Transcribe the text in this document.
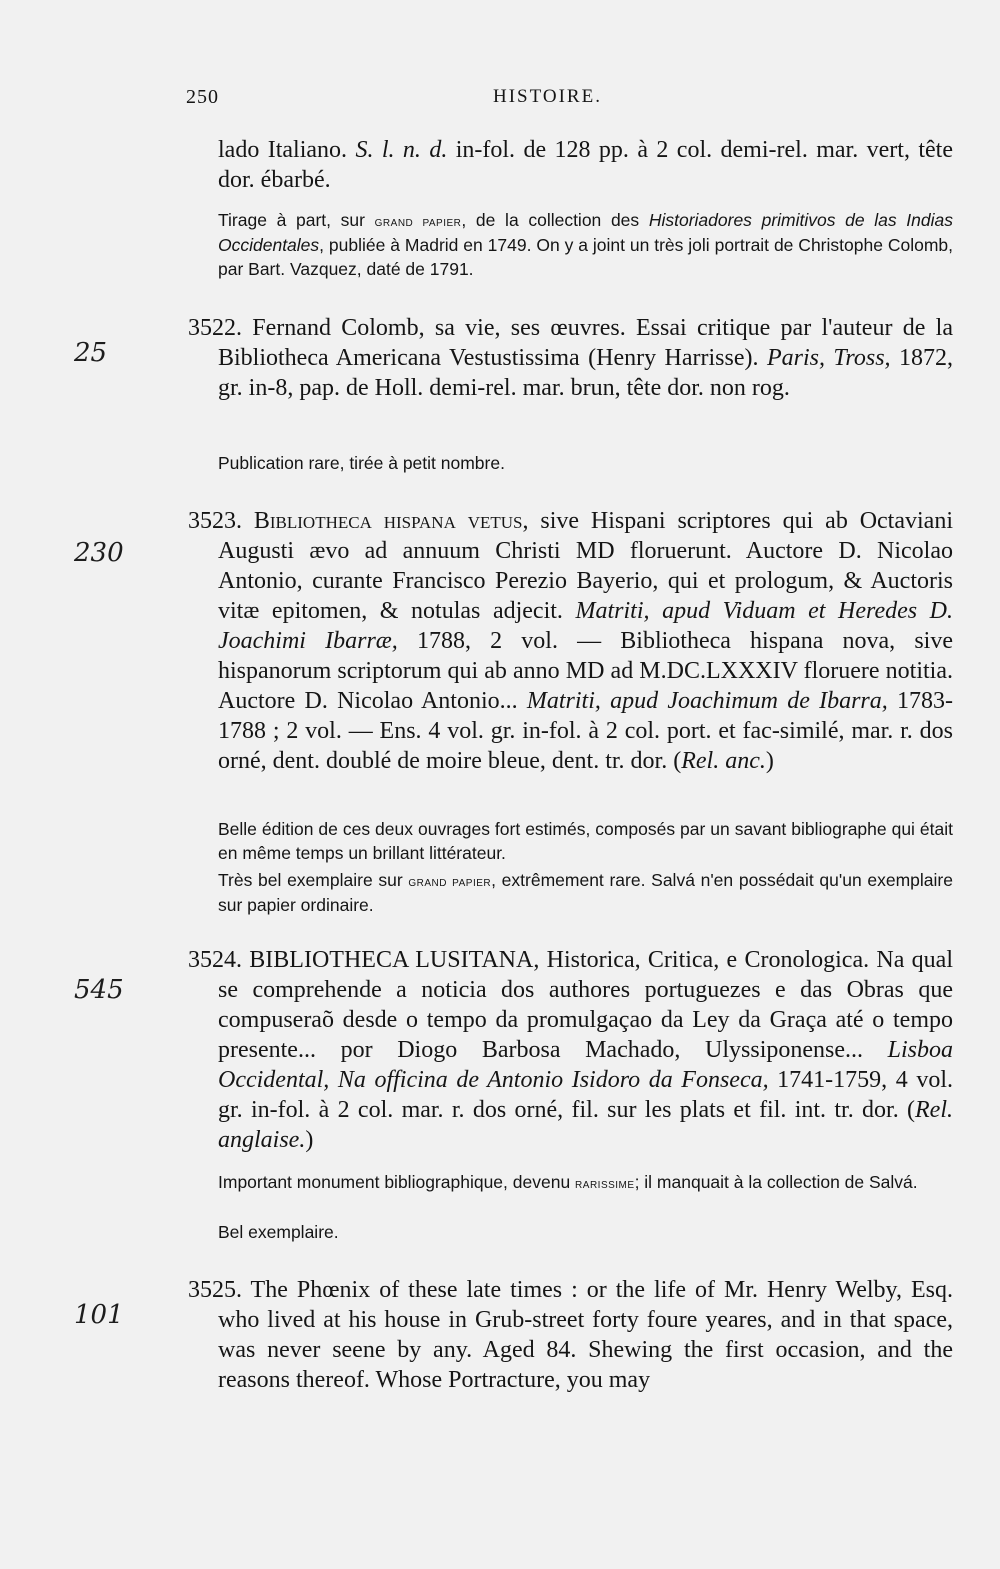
250	HISTOIRE.
lado Italiano. S. l. n. d. in-fol. de 128 pp. à 2 col. demi-rel. mar. vert, tête dor. ébarbé.
Tirage à part, sur grand papier, de la collection des Historiadores primitivos de las Indias Occidentales, publiée à Madrid en 1749. On y a joint un très joli portrait de Christophe Colomb, par Bart. Vazquez, daté de 1791.
25
3522. Fernand Colomb, sa vie, ses œuvres. Essai critique par l'auteur de la Bibliotheca Americana Vestustissima (Henry Harrisse). Paris, Tross, 1872, gr. in-8, pap. de Holl. demi-rel. mar. brun, tête dor. non rog.
Publication rare, tirée à petit nombre.
230
3523. Bibliotheca hispana vetus, sive Hispani scriptores qui ab Octaviani Augusti ævo ad annuum Christi MD floruerunt. Auctore D. Nicolao Antonio, curante Francisco Perezio Bayerio, qui et prologum, & Auctoris vitæ epitomen, & notulas adjecit. Matriti, apud Viduam et Heredes D. Joachimi Ibarræ, 1788, 2 vol. — Bibliotheca hispana nova, sive hispanorum scriptorum qui ab anno MD ad M.DC.LXXXIV floruere notitia. Auctore D. Nicolao Antonio... Matriti, apud Joachimum de Ibarra, 1783-1788 ; 2 vol. — Ens. 4 vol. gr. in-fol. à 2 col. port. et fac-similé, mar. r. dos orné, dent. doublé de moire bleue, dent. tr. dor. (Rel. anc.)
Belle édition de ces deux ouvrages fort estimés, composés par un savant bibliographe qui était en même temps un brillant littérateur.
Très bel exemplaire sur grand papier, extrêmement rare. Salvá n'en possédait qu'un exemplaire sur papier ordinaire.
545
3524. BIBLIOTHECA LUSITANA, Historica, Critica, e Cronologica. Na qual se comprehende a noticia dos authores portuguezes e das Obras que compuseraõ desde o tempo da promulgaçao da Ley da Graça até o tempo presente... por Diogo Barbosa Machado, Ulyssiponense... Lisboa Occidental, Na officina de Antonio Isidoro da Fonseca, 1741-1759, 4 vol. gr. in-fol. à 2 col. mar. r. dos orné, fil. sur les plats et fil. int. tr. dor. (Rel. anglaise.)
Important monument bibliographique, devenu rarissime; il manquait à la collection de Salvá.
Bel exemplaire.
101
3525. The Phœnix of these late times : or the life of Mr. Henry Welby, Esq. who lived at his house in Grub-street forty foure yeares, and in that space, was never seene by any. Aged 84. Shewing the first occasion, and the reasons thereof. Whose Portracture, you may
